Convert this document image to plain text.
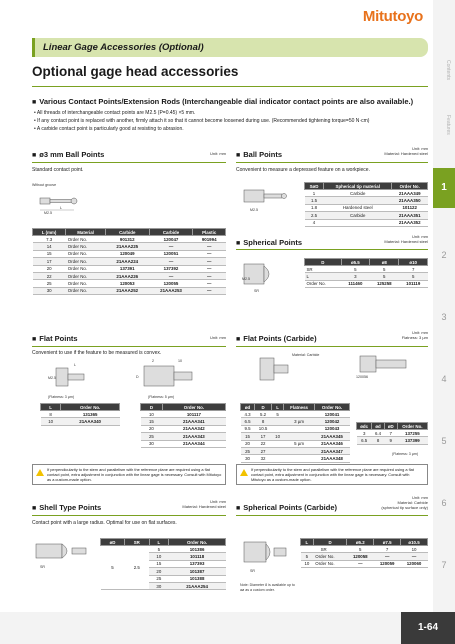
Mitutoyo
Contents
Features
1
2
3
4
5
6
7
Linear Gage Accessories (Optional)
Optional gage head accessories
■ Various Contact Points/Extension Rods (Interchangeable dial indicator contact points are also available.)
• All threads of interchangeable contact points are M2.5 (P=0.45) ×5 mm.
• If any contact point is replaced with another, firmly attach it so that it cannot become loosened during use. (Recommended tightening torque=50 N·cm)
• A carbide contact point is particularly good at resisting to abrasion.
■ ø3 mm Ball Points	Unit: mm
Standard contact point.
Without groove
M2.5
L
L (mm)	Material	Carbide	Carbide	Plastic
7.3	Order No.	901312	120047	901994
14	Order No.	21AAA225	—	—
15	Order No.	120049	120051	—
17	Order No.	21AAA224	—	—
20	Order No.	137391	137392	—
22	Order No.	21AAA226	—	—
25	Order No.	120053	120055	—
30	Order No.	21AAA252	21AAA253	—
■ Ball Points
Unit: mm
Material: Hardened steel
Convenient to measure a depressed feature on a workpiece.
M2.5
SøD	Spherical tip material	Order No.
1	Carbide	21AAA349
1.5		21AAA350
1.8	Hardened steel	101122
2.5	Carbide	21AAA351
4		21AAA352
■ Spherical Points
Unit: mm
Material: Hardened steel
M2.5
SR
D	ø5.5	ø8	ø10
SR	5	5	7
L	3	5	5
Order No.	111460	125258	101119
■ Flat Points	Unit: mm
Convenient to use if the feature to be measured is convex.
M2.5
L
(Flatness: 3 µm)
2	10
D
(Flatness: 5 µm)
L	Order No.
8	131365
10	21AAA340
D	Order No.
10	101117
15	21AAA341
20	21AAA342
25	21AAA343
30	21AAA344
If perpendicularity to the stem and parallelism with the reference plane are required using a flat contact point, extra adjustment in conjunction with the linear gage is necessary. Consult with Mitutoyo as a custom-made option.
■ Flat Points (Carbide)
Unit: mm
Flatness: 3 µm
Material: Carbide
120056
ød	D	L	Flatness	Order No.
4.3	5.2	5		120041
6.5	8		3 µm	120042
9.5	10.5			120043
15	17	10		21AAA345
20	22		5 µm	21AAA346
25	27			21AAA347
30	32			21AAA348
ødc	ød	øD	Order No.
3	6.4	7	137255
6.5	8	9	137399
(Flatness: 3 µm)
If perpendicularity to the stem and parallelism with the reference plane are required using a flat contact point, extra adjustment in conjunction with the linear gage is necessary. Consult with Mitutoyo as a custom-made option.
■ Shell Type Points
Unit: mm
Material: Hardened steel
Contact point with a large radius. Optimal for use on flat surfaces.
SR
øD	SR	L	Order No.
5	2.5	5	101386
		10	101118
		15	137393
		20	101387
		25	101388
		30	21AAA254
■ Spherical Points (Carbide)
Unit: mm
Material: Carbide
(spherical tip surface only)
SR
Note: Diameter 8 is available up to aø as a custom order.
L	D	ø5.2	ø7.5	ø10.5
SR		5	7	10
5	Order No.	120058	—	—
10	Order No.	—	120059	120060
1-64
